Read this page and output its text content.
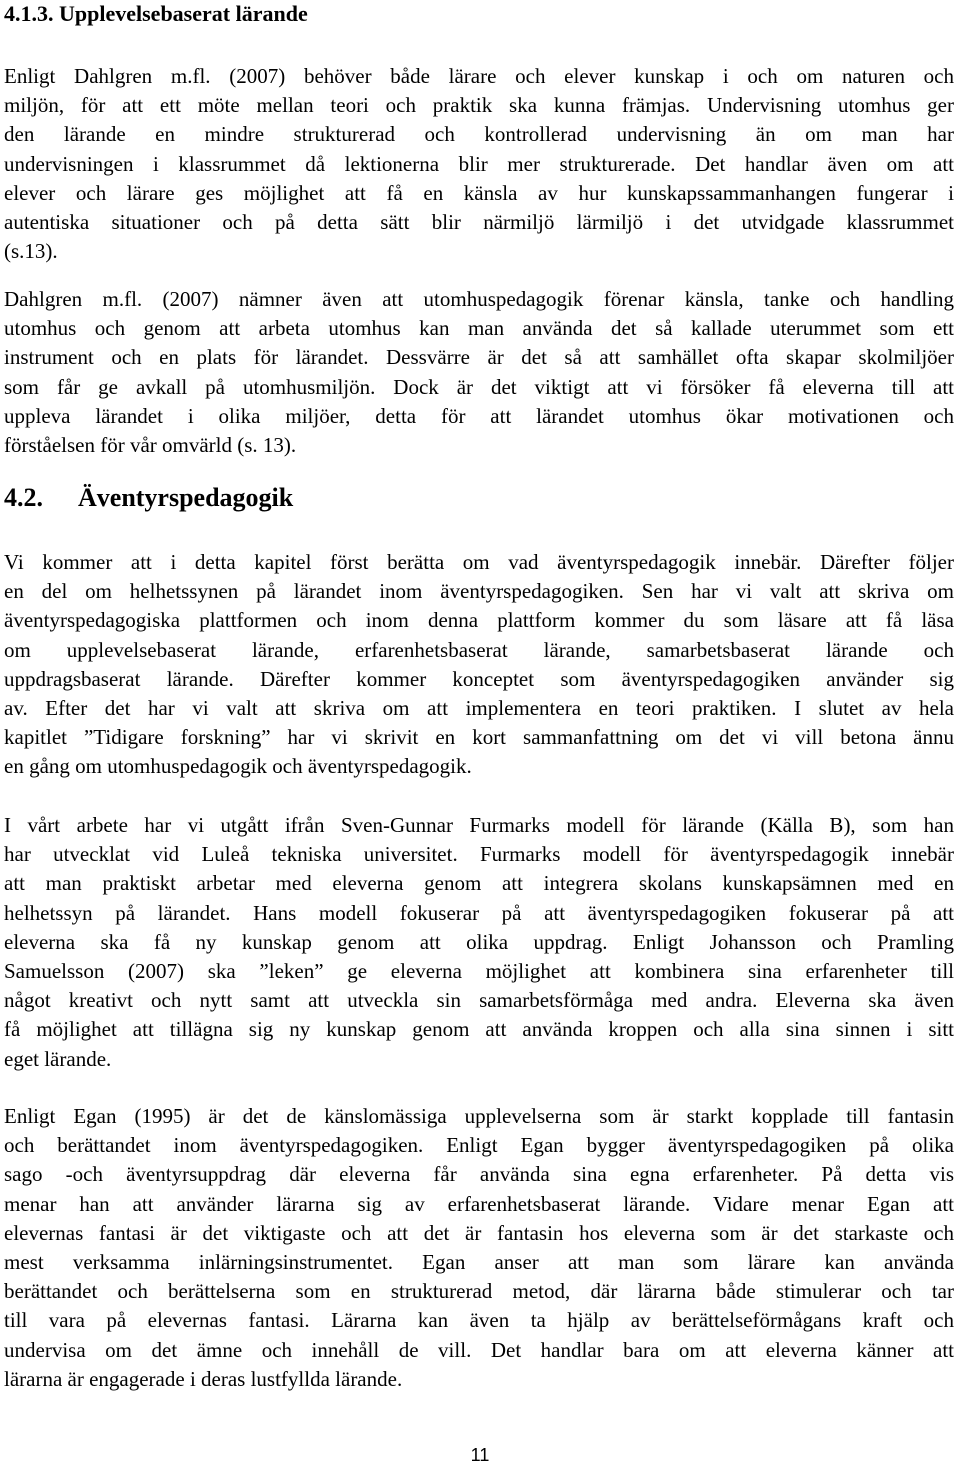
4.1.3. Upplevelsebaserat lärande
Enligt Dahlgren m.fl. (2007) behöver både lärare och elever kunskap i och om naturen och
miljön, för att ett möte mellan teori och praktik ska kunna främjas. Undervisning utomhus ger
den lärande en mindre strukturerad och kontrollerad undervisning än om man har
undervisningen i klassrummet då lektionerna blir mer strukturerade. Det handlar även om att
elever och lärare ges möjlighet att få en känsla av hur kunskapssammanhangen fungerar i
autentiska situationer och på detta sätt blir närmiljö lärmiljö i det utvidgade klassrummet
(s.13).
Dahlgren m.fl. (2007) nämner även att utomhuspedagogik förenar känsla, tanke och handling
utomhus och genom att arbeta utomhus kan man använda det så kallade uterummet som ett
instrument och en plats för lärandet. Dessvärre är det så att samhället ofta skapar skolmiljöer
som får ge avkall på utomhusmiljön. Dock är det viktigt att vi försöker få eleverna till att
uppleva lärandet i olika miljöer, detta för att lärandet utomhus ökar motivationen och
förståelsen för vår omvärld (s. 13).
4.2. Äventyrspedagogik
Vi kommer att i detta kapitel först berätta om vad äventyrspedagogik innebär. Därefter följer
en del om helhetssynen på lärandet inom äventyrspedagogiken. Sen har vi valt att skriva om
äventyrspedagogiska plattformen och inom denna plattform kommer du som läsare att få läsa
om upplevelsebaserat lärande, erfarenhetsbaserat lärande, samarbetsbaserat lärande och
uppdragsbaserat lärande. Därefter kommer konceptet som äventyrspedagogiken använder sig
av. Efter det har vi valt att skriva om att implementera en teori praktiken. I slutet av hela
kapitlet ”Tidigare forskning” har vi skrivit en kort sammanfattning om det vi vill betona ännu
en gång om utomhuspedagogik och äventyrspedagogik.
I vårt arbete har vi utgått ifrån Sven-Gunnar Furmarks modell för lärande (Källa B), som han
har utvecklat vid Luleå tekniska universitet. Furmarks modell för äventyrspedagogik innebär
att man praktiskt arbetar med eleverna genom att integrera skolans kunskapsämnen med en
helhetssyn på lärandet. Hans modell fokuserar på att äventyrspedagogiken fokuserar på att
eleverna ska få ny kunskap genom att olika uppdrag. Enligt Johansson och Pramling
Samuelsson (2007) ska ”leken” ge eleverna möjlighet att kombinera sina erfarenheter till
något kreativt och nytt samt att utveckla sin samarbetsförmåga med andra. Eleverna ska även
få möjlighet att tillägna sig ny kunskap genom att använda kroppen och alla sina sinnen i sitt
eget lärande.
Enligt Egan (1995) är det de känslomässiga upplevelserna som är starkt kopplade till fantasin
och berättandet inom äventyrspedagogiken. Enligt Egan bygger äventyrspedagogiken på olika
sago -och äventyrsuppdrag där eleverna får använda sina egna erfarenheter. På detta vis
menar han att använder lärarna sig av erfarenhetsbaserat lärande. Vidare menar Egan att
elevernas fantasi är det viktigaste och att det är fantasin hos eleverna som är det starkaste och
mest verksamma inlärningsinstrumentet. Egan anser att man som lärare kan använda
berättandet och berättelserna som en strukturerad metod, där lärarna både stimulerar och tar
till vara på elevernas fantasi. Lärarna kan även ta hjälp av berättelseförmågans kraft och
undervisa om det ämne och innehåll de vill. Det handlar bara om att eleverna känner att
lärarna är engagerade i deras lustfyllda lärande.
11
